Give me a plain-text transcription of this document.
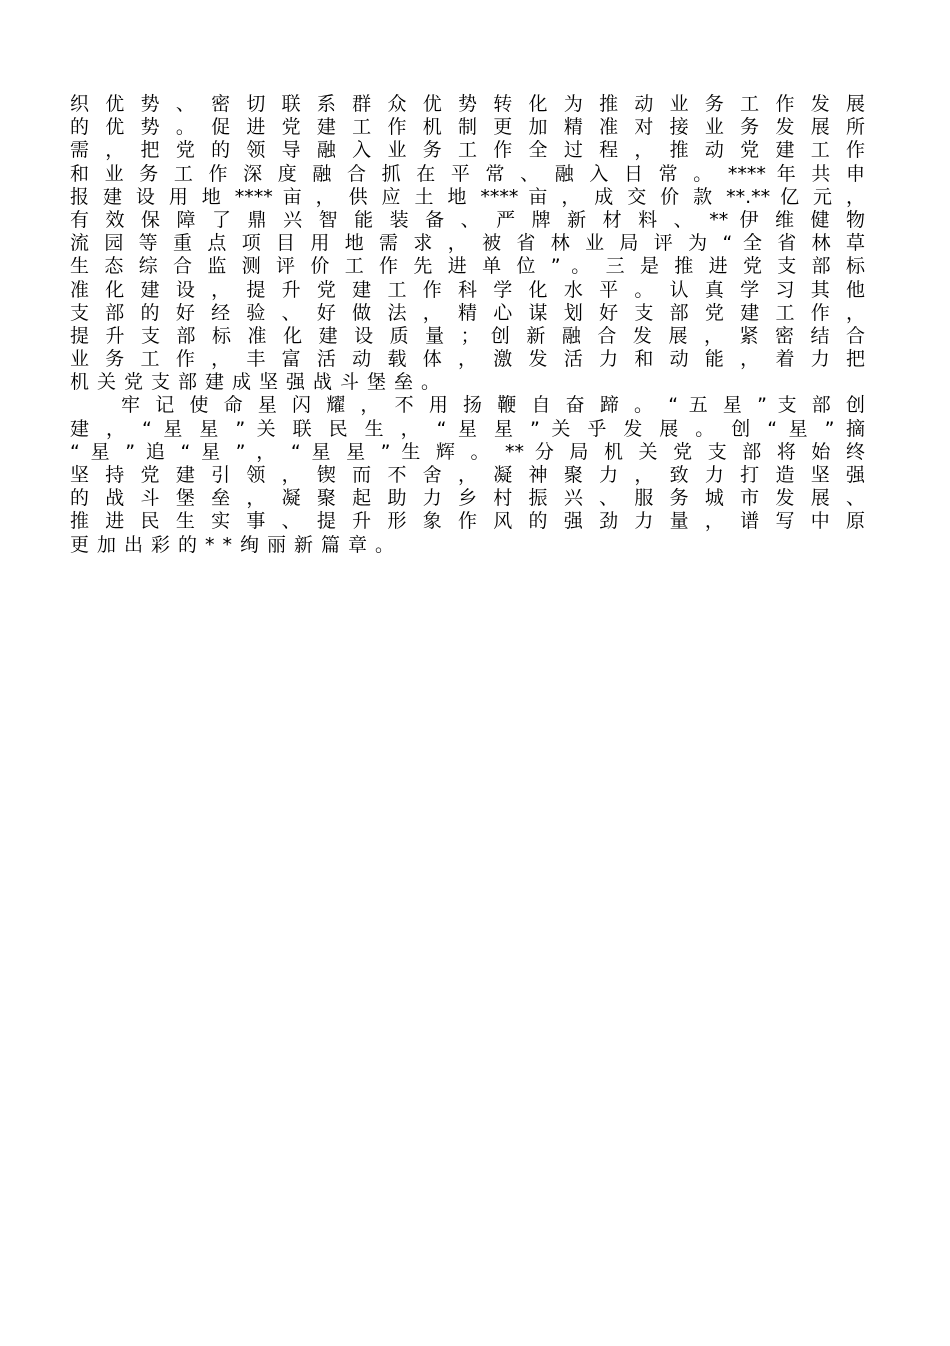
织 优 势 、 密 切 联 系 群 众 优 势 转 化 为 推 动 业 务 工 作 发 展
的 优 势 。 促 进 党 建 工 作 机 制 更 加 精 准 对 接 业 务 发 展 所
需 ， 把 党 的 领 导 融 入 业 务 工 作 全 过 程 ， 推 动 党 建 工 作
和 业 务 工 作 深 度 融 合 抓 在 平 常 、 融 入 日 常 。 **** 年 共 申
报 建 设 用 地 **** 亩 ， 供 应 土 地 **** 亩 ， 成 交 价 款 **.** 亿 元 ，
有 效 保 障 了 鼎 兴 智 能 装 备 、 严 牌 新 材 料 、 ** 伊 维 健 物
流 园 等 重 点 项 目 用 地 需 求 ， 被 省 林 业 局 评 为 “ 全 省 林 草
生 态 综 合 监 测 评 价 工 作 先 进 单 位 ” 。 三 是 推 进 党 支 部 标
准 化 建 设 ， 提 升 党 建 工 作 科 学 化 水 平 。 认 真 学 习 其 他
支 部 的 好 经 验 、 好 做 法 ， 精 心 谋 划 好 支 部 党 建 工 作 ，
提 升 支 部 标 准 化 建 设 质 量 ； 创 新 融 合 发 展 ， 紧 密 结 合
业 务 工 作 ， 丰 富 活 动 载 体 ， 激 发 活 力 和 动 能 ， 着 力 把
机关党支部建成坚强战斗堡垒。
牢 记 使 命 星 闪 耀 ， 不 用 扬 鞭 自 奋 蹄 。 “ 五 星 ” 支 部 创
建 ， “ 星 星 ” 关 联 民 生 ， “ 星 星 ” 关 乎 发 展 。 创 “ 星 ” 摘
“ 星 ” 追 “ 星 ” ， “ 星 星 ” 生 辉 。 ** 分 局 机 关 党 支 部 将 始 终
坚 持 党 建 引 领 ， 锲 而 不 舍 ， 凝 神 聚 力 ， 致 力 打 造 坚 强
的 战 斗 堡 垒 ， 凝 聚 起 助 力 乡 村 振 兴 、 服 务 城 市 发 展 、
推 进 民 生 实 事 、 提 升 形 象 作 风 的 强 劲 力 量 ， 谱 写 中 原
更加出彩的**绚丽新篇章。
